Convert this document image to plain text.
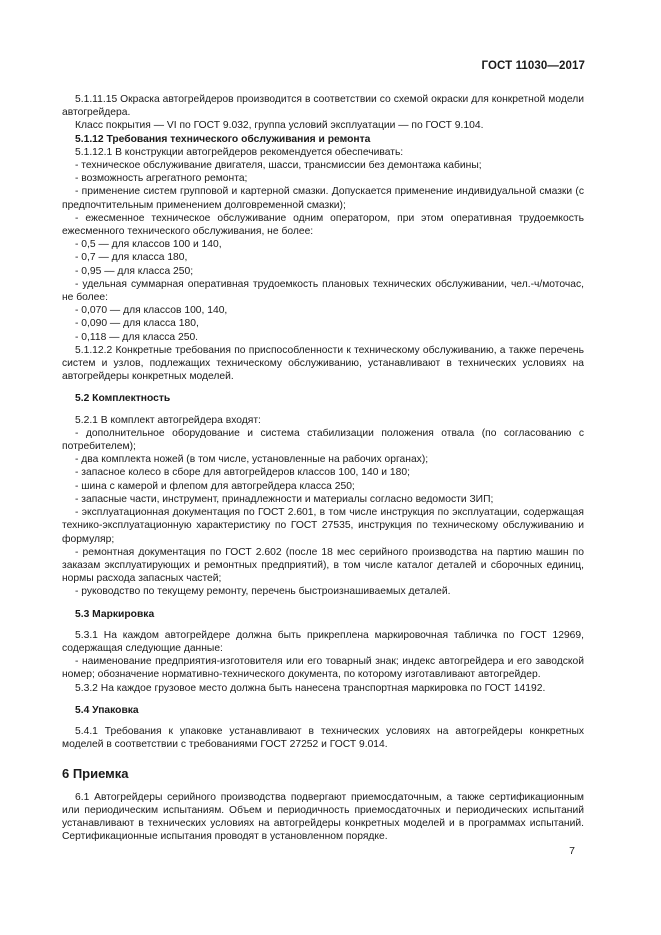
ГОСТ 11030—2017

5.1.11.15 Окраска автогрейдеров производится в соответствии со схемой окраски для конкретной модели автогрейдера.

Класс покрытия — VI по ГОСТ 9.032, группа условий эксплуатации — по ГОСТ 9.104.

5.1.12 Требования технического обслуживания и ремонта

5.1.12.1 В конструкции автогрейдеров рекомендуется обеспечивать:

- техническое обслуживание двигателя, шасси, трансмиссии без демонтажа кабины;

- возможность агрегатного ремонта;

- применение систем групповой и картерной смазки. Допускается применение индивидуальной смазки (с предпочтительным применением долговременной смазки);

- ежесменное техническое обслуживание одним оператором, при этом оперативная трудоемкость ежесменного технического обслуживания, не более:

- 0,5 — для классов 100 и 140,

- 0,7 — для класса 180,

- 0,95 — для класса 250;

- удельная суммарная оперативная трудоемкость плановых технических обслуживании, чел.-ч/моточас, не более:

- 0,070 — для классов 100, 140,

- 0,090 — для класса 180,

- 0,118 — для класса 250.

5.1.12.2 Конкретные требования по приспособленности к техническому обслуживанию, а также перечень систем и узлов, подлежащих техническому обслуживанию, устанавливают в технических условиях на автогрейдеры конкретных моделей.

5.2 Комплектность

5.2.1 В комплект автогрейдера входят:

- дополнительное оборудование и система стабилизации положения отвала (по согласованию с потребителем);

- два комплекта ножей (в том числе, установленные на рабочих органах);

- запасное колесо в сборе для автогрейдеров классов 100, 140 и 180;

- шина с камерой и флепом для автогрейдера класса 250;

- запасные части, инструмент, принадлежности и материалы согласно ведомости ЗИП;

- эксплуатационная документация по ГОСТ 2.601, в том числе инструкция по эксплуатации, содержащая технико-эксплуатационную характеристику по ГОСТ 27535, инструкция по техническому обслуживанию и формуляр;

- ремонтная документация по ГОСТ 2.602 (после 18 мес серийного производства на партию машин по заказам эксплуатирующих и ремонтных предприятий), в том числе каталог деталей и сборочных единиц, нормы расхода запасных частей;

- руководство по текущему ремонту, перечень быстроизнашиваемых деталей.

5.3 Маркировка

5.3.1 На каждом автогрейдере должна быть прикреплена маркировочная табличка по ГОСТ 12969, содержащая следующие данные:

- наименование предприятия-изготовителя или его товарный знак; индекс автогрейдера и его заводской номер; обозначение нормативно-технического документа, по которому изготавливают автогрейдер.

5.3.2 На каждое грузовое место должна быть нанесена транспортная маркировка по ГОСТ 14192.

5.4 Упаковка

5.4.1 Требования к упаковке устанавливают в технических условиях на автогрейдеры конкретных моделей в соответствии с требованиями ГОСТ 27252 и ГОСТ 9.014.

6 Приемка

6.1 Автогрейдеры серийного производства подвергают приемосдаточным, а также сертификационным или периодическим испытаниям. Объем и периодичность приемосдаточных и периодических испытаний устанавливают в технических условиях на автогрейдеры конкретных моделей и в программах испытаний. Сертификационные испытания проводят в установленном порядке.

7
